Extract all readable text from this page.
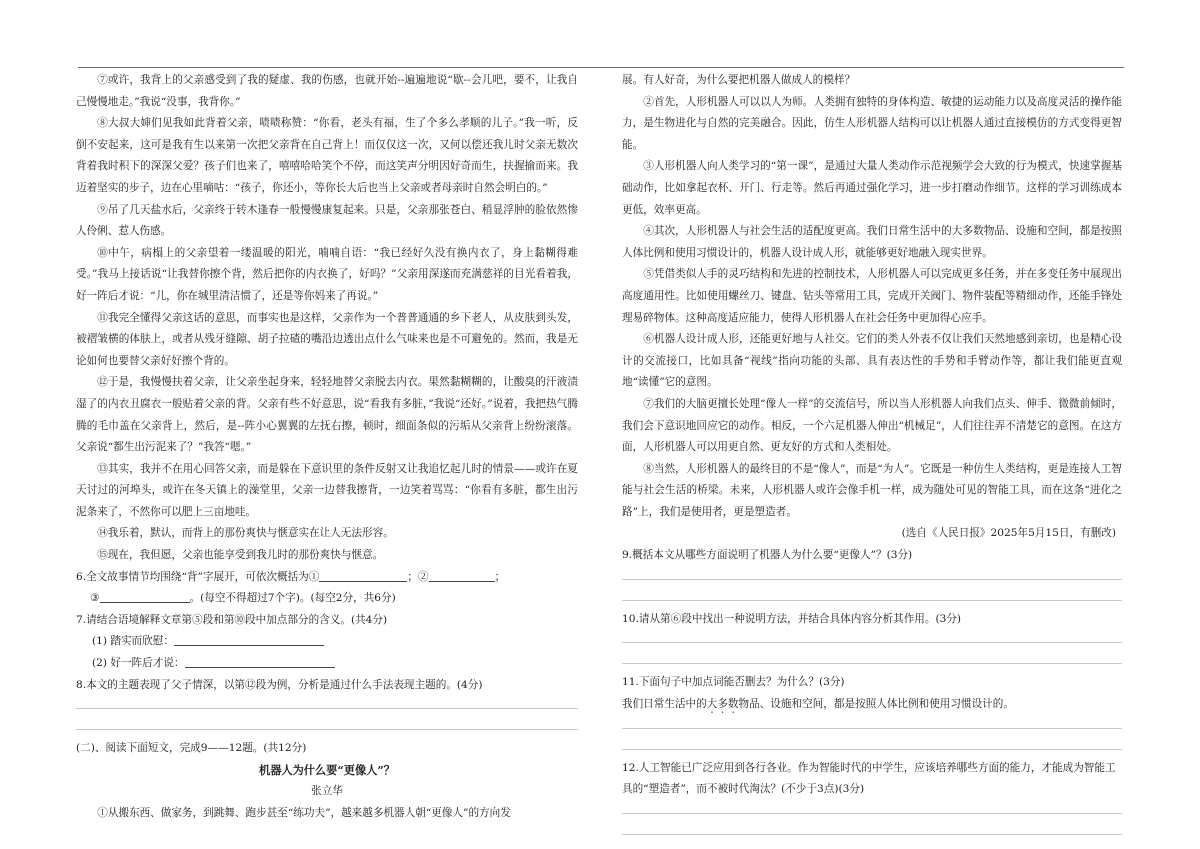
⑦或许，我背上的父亲感受到了我的疑虚、我的伤感，也就开始--遍遍地说“歇--会儿吧，要不，让我自己慢慢地走。”我说“没事，我背你。”

⑧大叔大婶们见我如此背着父亲，啧啧称赞：“你看，老头有福，生了个多么孝顺的儿子。”我一听，反倒不安起来，这可是我有生以来第一次把父亲背在自己背上！而仅仅这一次，又何以偿还我儿时父亲无数次背着我时积下的深深父爱？孩子们也来了，嘻嘻哈哈笑个不停，而这笑声分明因好奇而生，扶握揄而来。我迈着坚实的步子，边在心里嘀咕：“孩子，你还小，等你长大后也当上父亲或者母亲时自然会明白的。”

⑨吊了几天盐水后，父亲终于转木逢春一般慢慢康复起来。只是，父亲那张苍白、稍显浮肿的脸依然惨人伶俐、惹人伤感。

⑩中午，病榻上的父亲望着一缕温暖的阳光，喃喃自语：“我已经好久没有换内衣了，身上黏糊得难受。”我马上接话说“让我替你擦个背，然后把你的内衣换了，好吗？”父亲用深遂而充满慈祥的目光看着我，好一阵后才说：“儿，你在城里清洁惯了，还是等你妈来了再说。”

⑪我完全懂得父亲这话的意思，而事实也是这样，父亲作为一个普普通通的乡下老人，从皮肤到头发，被褶皱横的体肤上，或者从残牙缝隙、胡子拉碴的嘴沿边透出点什么气味来也是不可避免的。然而，我是无论如何也要替父亲好好擦个背的。

⑫于是，我慢慢扶着父亲，让父亲坐起身来，轻轻地替父亲脱去内衣。果然黏糊糊的，让酸臭的汗液渍湿了的内衣丑腐衣一般贴着父亲的背。父亲有些不好意思，说“看我有多脏，”我说“还好。”说着，我把热气腾腾的毛巾盖在父亲背上，然后，是--阵小心翼翼的左抚右擦，顿时，细面条似的污垢从父亲背上纷纷滚落。父亲说“都生出污泥来了？”我答“嗯。”

⑬其实，我并不在用心回答父亲，而是躲在下意识里的条件反射又让我追忆起儿时的情景——或许在夏天讨过的河埠头，或许在冬天镇上的澡堂里，父亲一边替我擦背，一边笑着骂骂：“你看有多脏，都生出污泥条来了，不然你可以肥上三亩地哇。

⑭我乐着，默认，而背上的那份爽快与惬意实在让人无法形容。

⑮现在，我但愿，父亲也能享受到我儿时的那份爽快与惬意。

6.全文故事情节均围绕“背”字展开，可依次概括为①	；②	；

③	。(每空不得超过7个字)。(每空2分，共6分)

7.请结合语境解释文章第⑤段和第⑩段中加点部分的含义。(共4分)

(1) 踏实而欣慰：

(2) 好一阵后才说：

8.本文的主题表现了父子情深，以第⑫段为例，分析是通过什么手法表现主题的。(4分)

(二)、阅读下面短文，完成9——12题。(共12分)

机器人为什么要“更像人”？

张立华

①从搬东西、做家务，到跳舞、跑步甚至“练功夫”，越来越多机器人朝“更像人”的方向发

展。有人好奇，为什么要把机器人做成人的模样？

②首先，人形机器人可以以人为师。人类拥有独特的身体构造、敏捷的运动能力以及高度灵活的操作能力，是生物进化与自然的完美融合。因此，仿生人形机器人结构可以让机器人通过直接模仿的方式变得更智能。

③人形机器人向人类学习的“第一课”，是通过大量人类动作示范视频学会大致的行为模式，快速掌握基础动作，比如拿起衣杯、开门、行走等。然后再通过强化学习，进一步打磨动作细节。这样的学习训练成本更低，效率更高。

④其次，人形机器人与社会生活的适配度更高。我们日常生活中的大多数物品、设施和空间，都是按照人体比例和使用习惯设计的，机器人设计成人形，就能够更好地融入现实世界。

⑤凭借类似人手的灵巧结构和先进的控制技术，人形机器人可以完成更多任务，并在多变任务中展现出高度通用性。比如使用螺丝刀、键盘、钻头等常用工具，完成开关阀门、物件装配等精细动作，还能手锋处理易碎物体。这种高度适应能力，使得人形机器人在社会任务中更加得心应手。

⑥机器人设计成人形，还能更好地与人社交。它们的类人外表不仅让我们天然地感到亲切，也是精心设计的交流接口，比如具备“视线”指向功能的头部、具有表达性的手势和手臂动作等，都让我们能更直观地“读懂”它的意图。

⑦我们的大脑更擅长处理“像人一样”的交流信号，所以当人形机器人向我们点头、伸手、微微前倾时，我们会下意识地回应它的动作。相反，一个六足机器人伸出“机械足”，人们往往弄不清楚它的意图。在这方面，人形机器人可以用更自然、更友好的方式和人类相处。

⑧当然，人形机器人的最终目的不是“像人”，而是“为人”。它既是一种仿生人类结构，更是连接人工智能与社会生活的桥梁。未来，人形机器人或许会像手机一样，成为随处可见的智能工具，而在这条“进化之路”上，我们是使用者，更是塑造者。

(选自《人民日报》2025年5月15日，有删改)

9.概括本文从哪些方面说明了机器人为什么要“更像人”？(3分)

10.请从第⑥段中找出一种说明方法，并结合具体内容分析其作用。(3分)

11.下面句子中加点词能否删去？为什么？(3分)

我们日常生活中的大多数物品、设施和空间，都是按照人体比例和使用习惯设计的。

12.人工智能已广泛应用到各行各业。作为智能时代的中学生，应该培养哪些方面的能力，才能成为智能工具的“塑造者”，而不被时代淘汰？(不少于3点)(3分)
